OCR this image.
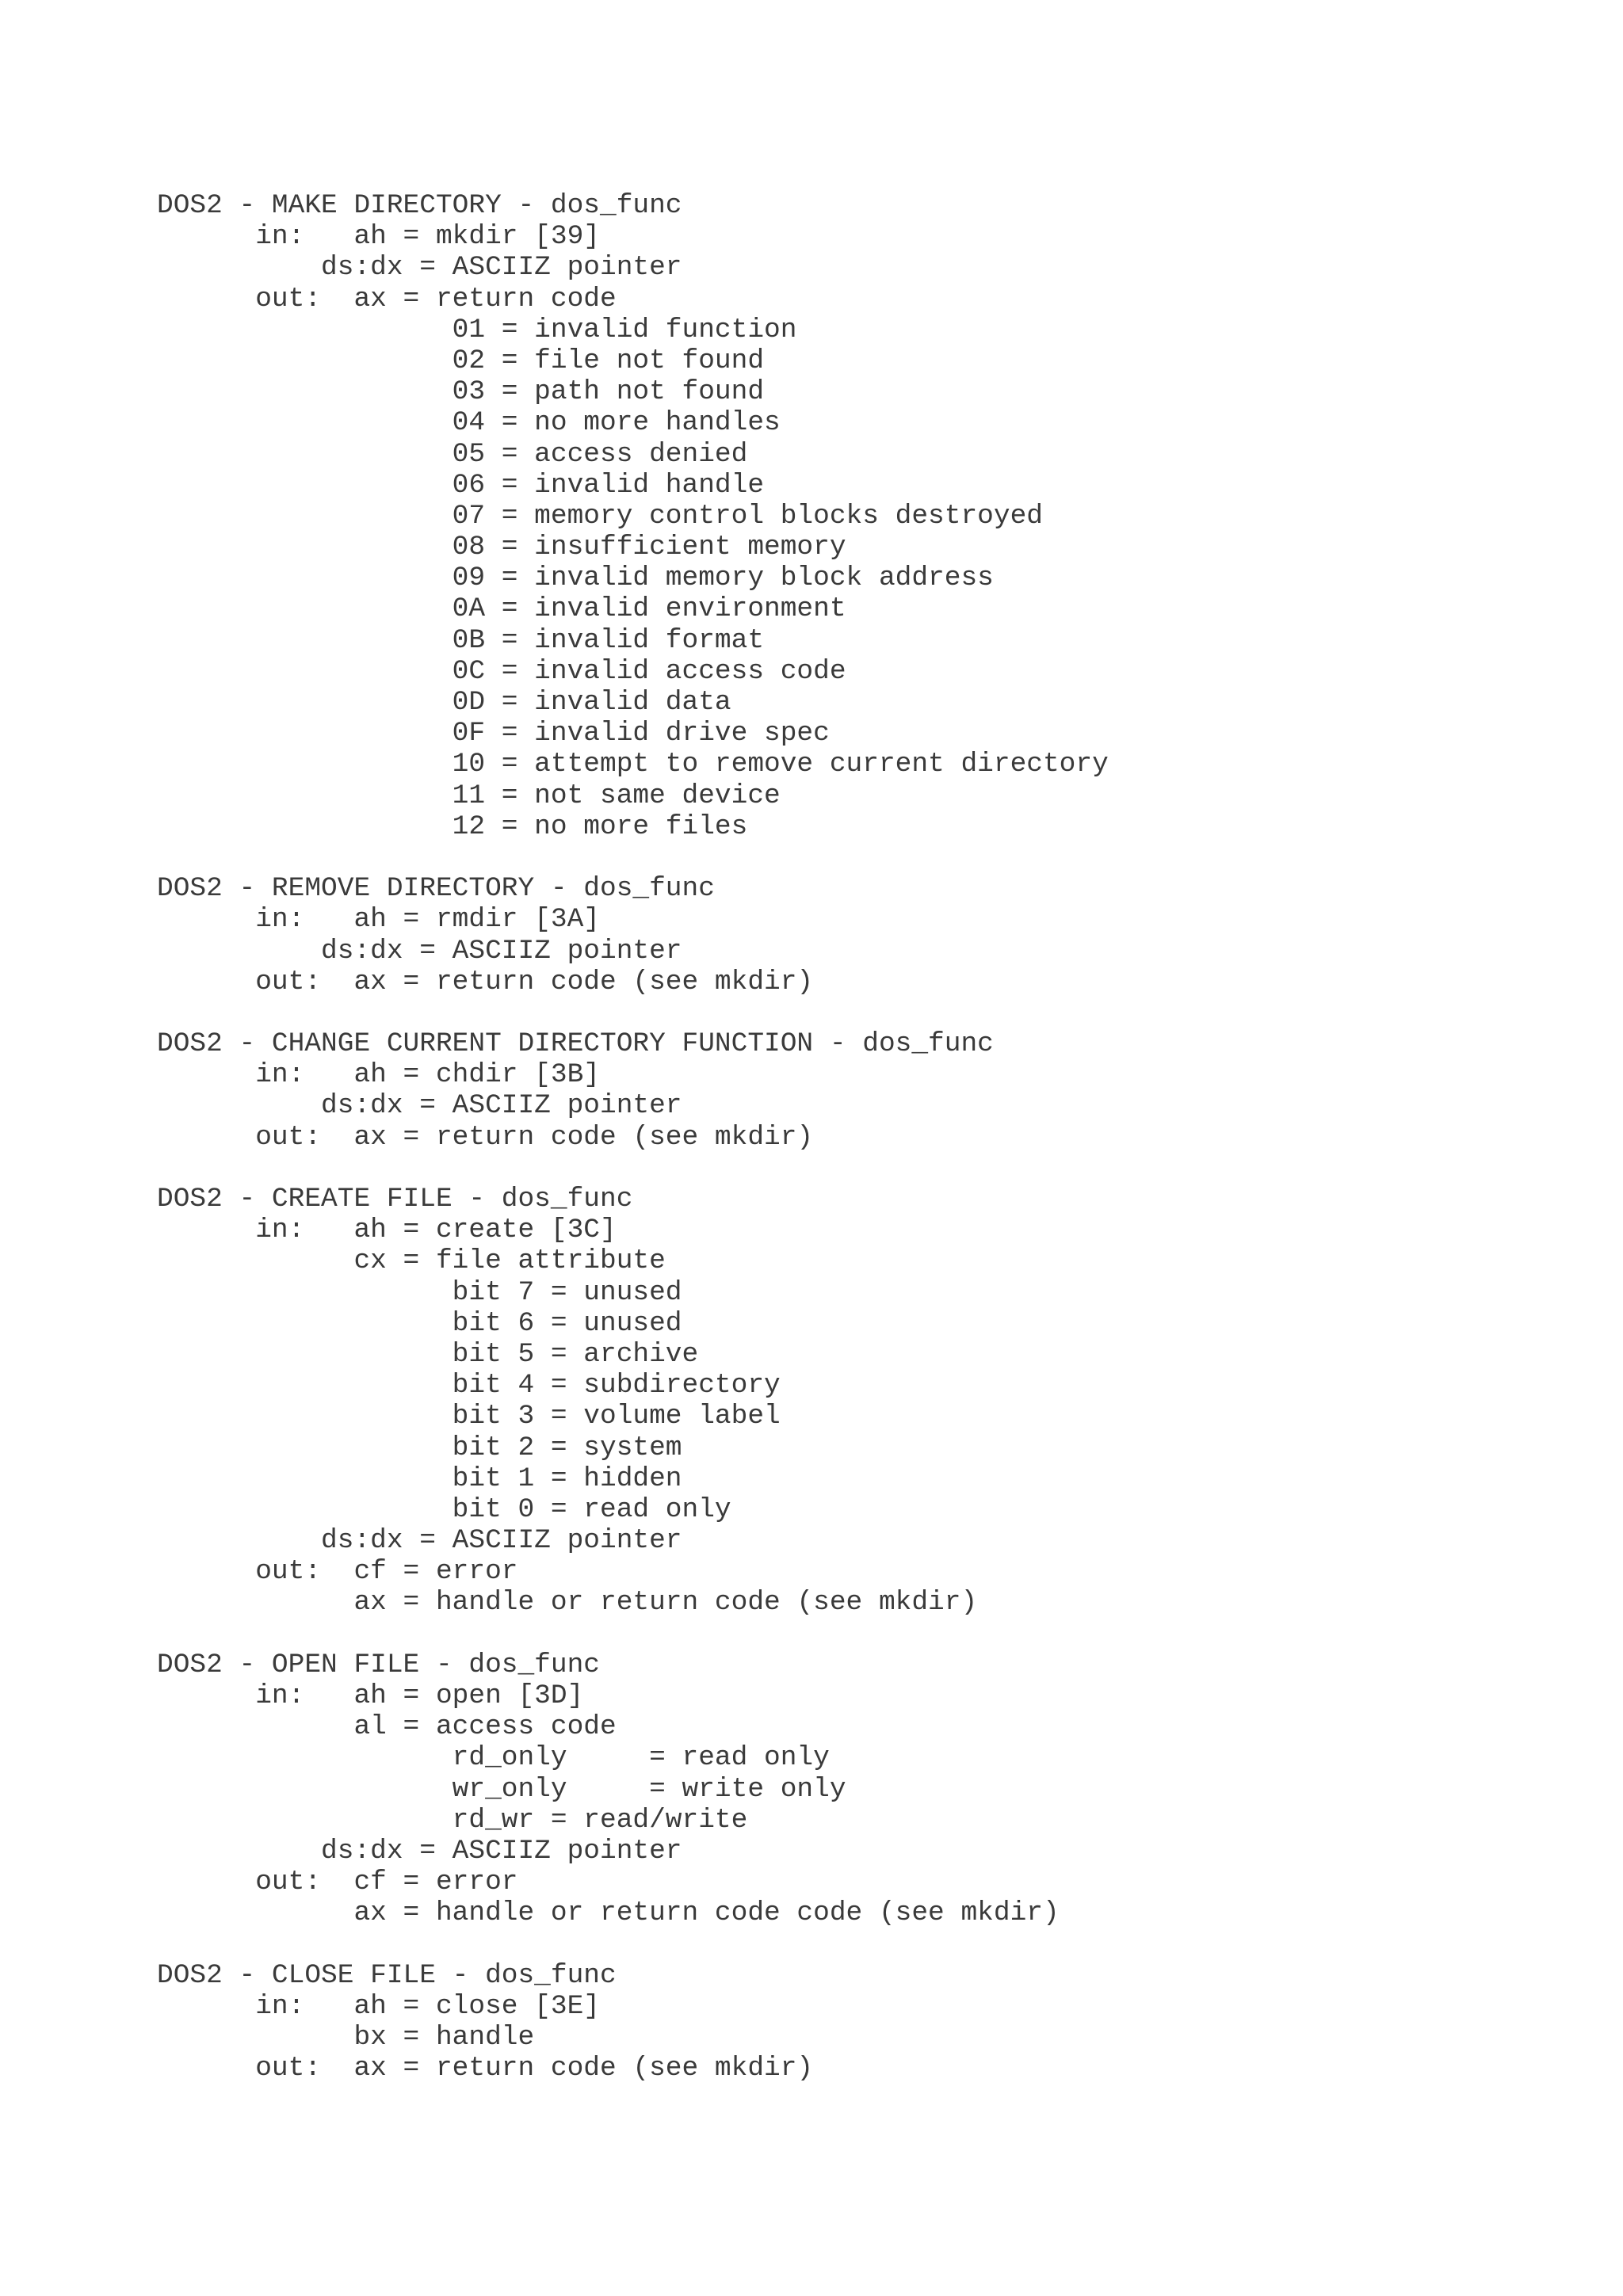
DOS2 - MAKE DIRECTORY - dos_func
in:   ah = mkdir [39]
ds:dx = ASCIIZ pointer
out:  ax = return code
01 = invalid function
02 = file not found
03 = path not found
04 = no more handles
05 = access denied
06 = invalid handle
07 = memory control blocks destroyed
08 = insufficient memory
09 = invalid memory block address
0A = invalid environment
0B = invalid format
0C = invalid access code
0D = invalid data
0F = invalid drive spec
10 = attempt to remove current directory
11 = not same device
12 = no more files
DOS2 - REMOVE DIRECTORY - dos_func
in:   ah = rmdir [3A]
ds:dx = ASCIIZ pointer
out:  ax = return code (see mkdir)
DOS2 - CHANGE CURRENT DIRECTORY FUNCTION - dos_func
in:   ah = chdir [3B]
ds:dx = ASCIIZ pointer
out:  ax = return code (see mkdir)
DOS2 - CREATE FILE - dos_func
in:   ah = create [3C]
cx = file attribute
bit 7 = unused
bit 6 = unused
bit 5 = archive
bit 4 = subdirectory
bit 3 = volume label
bit 2 = system
bit 1 = hidden
bit 0 = read only
ds:dx = ASCIIZ pointer
out:  cf = error
ax = handle or return code (see mkdir)
DOS2 - OPEN FILE - dos_func
in:   ah = open [3D]
al = access code
rd_only     = read only
wr_only     = write only
rd_wr = read/write
ds:dx = ASCIIZ pointer
out:  cf = error
ax = handle or return code code (see mkdir)
DOS2 - CLOSE FILE - dos_func
in:   ah = close [3E]
bx = handle
out:  ax = return code (see mkdir)
